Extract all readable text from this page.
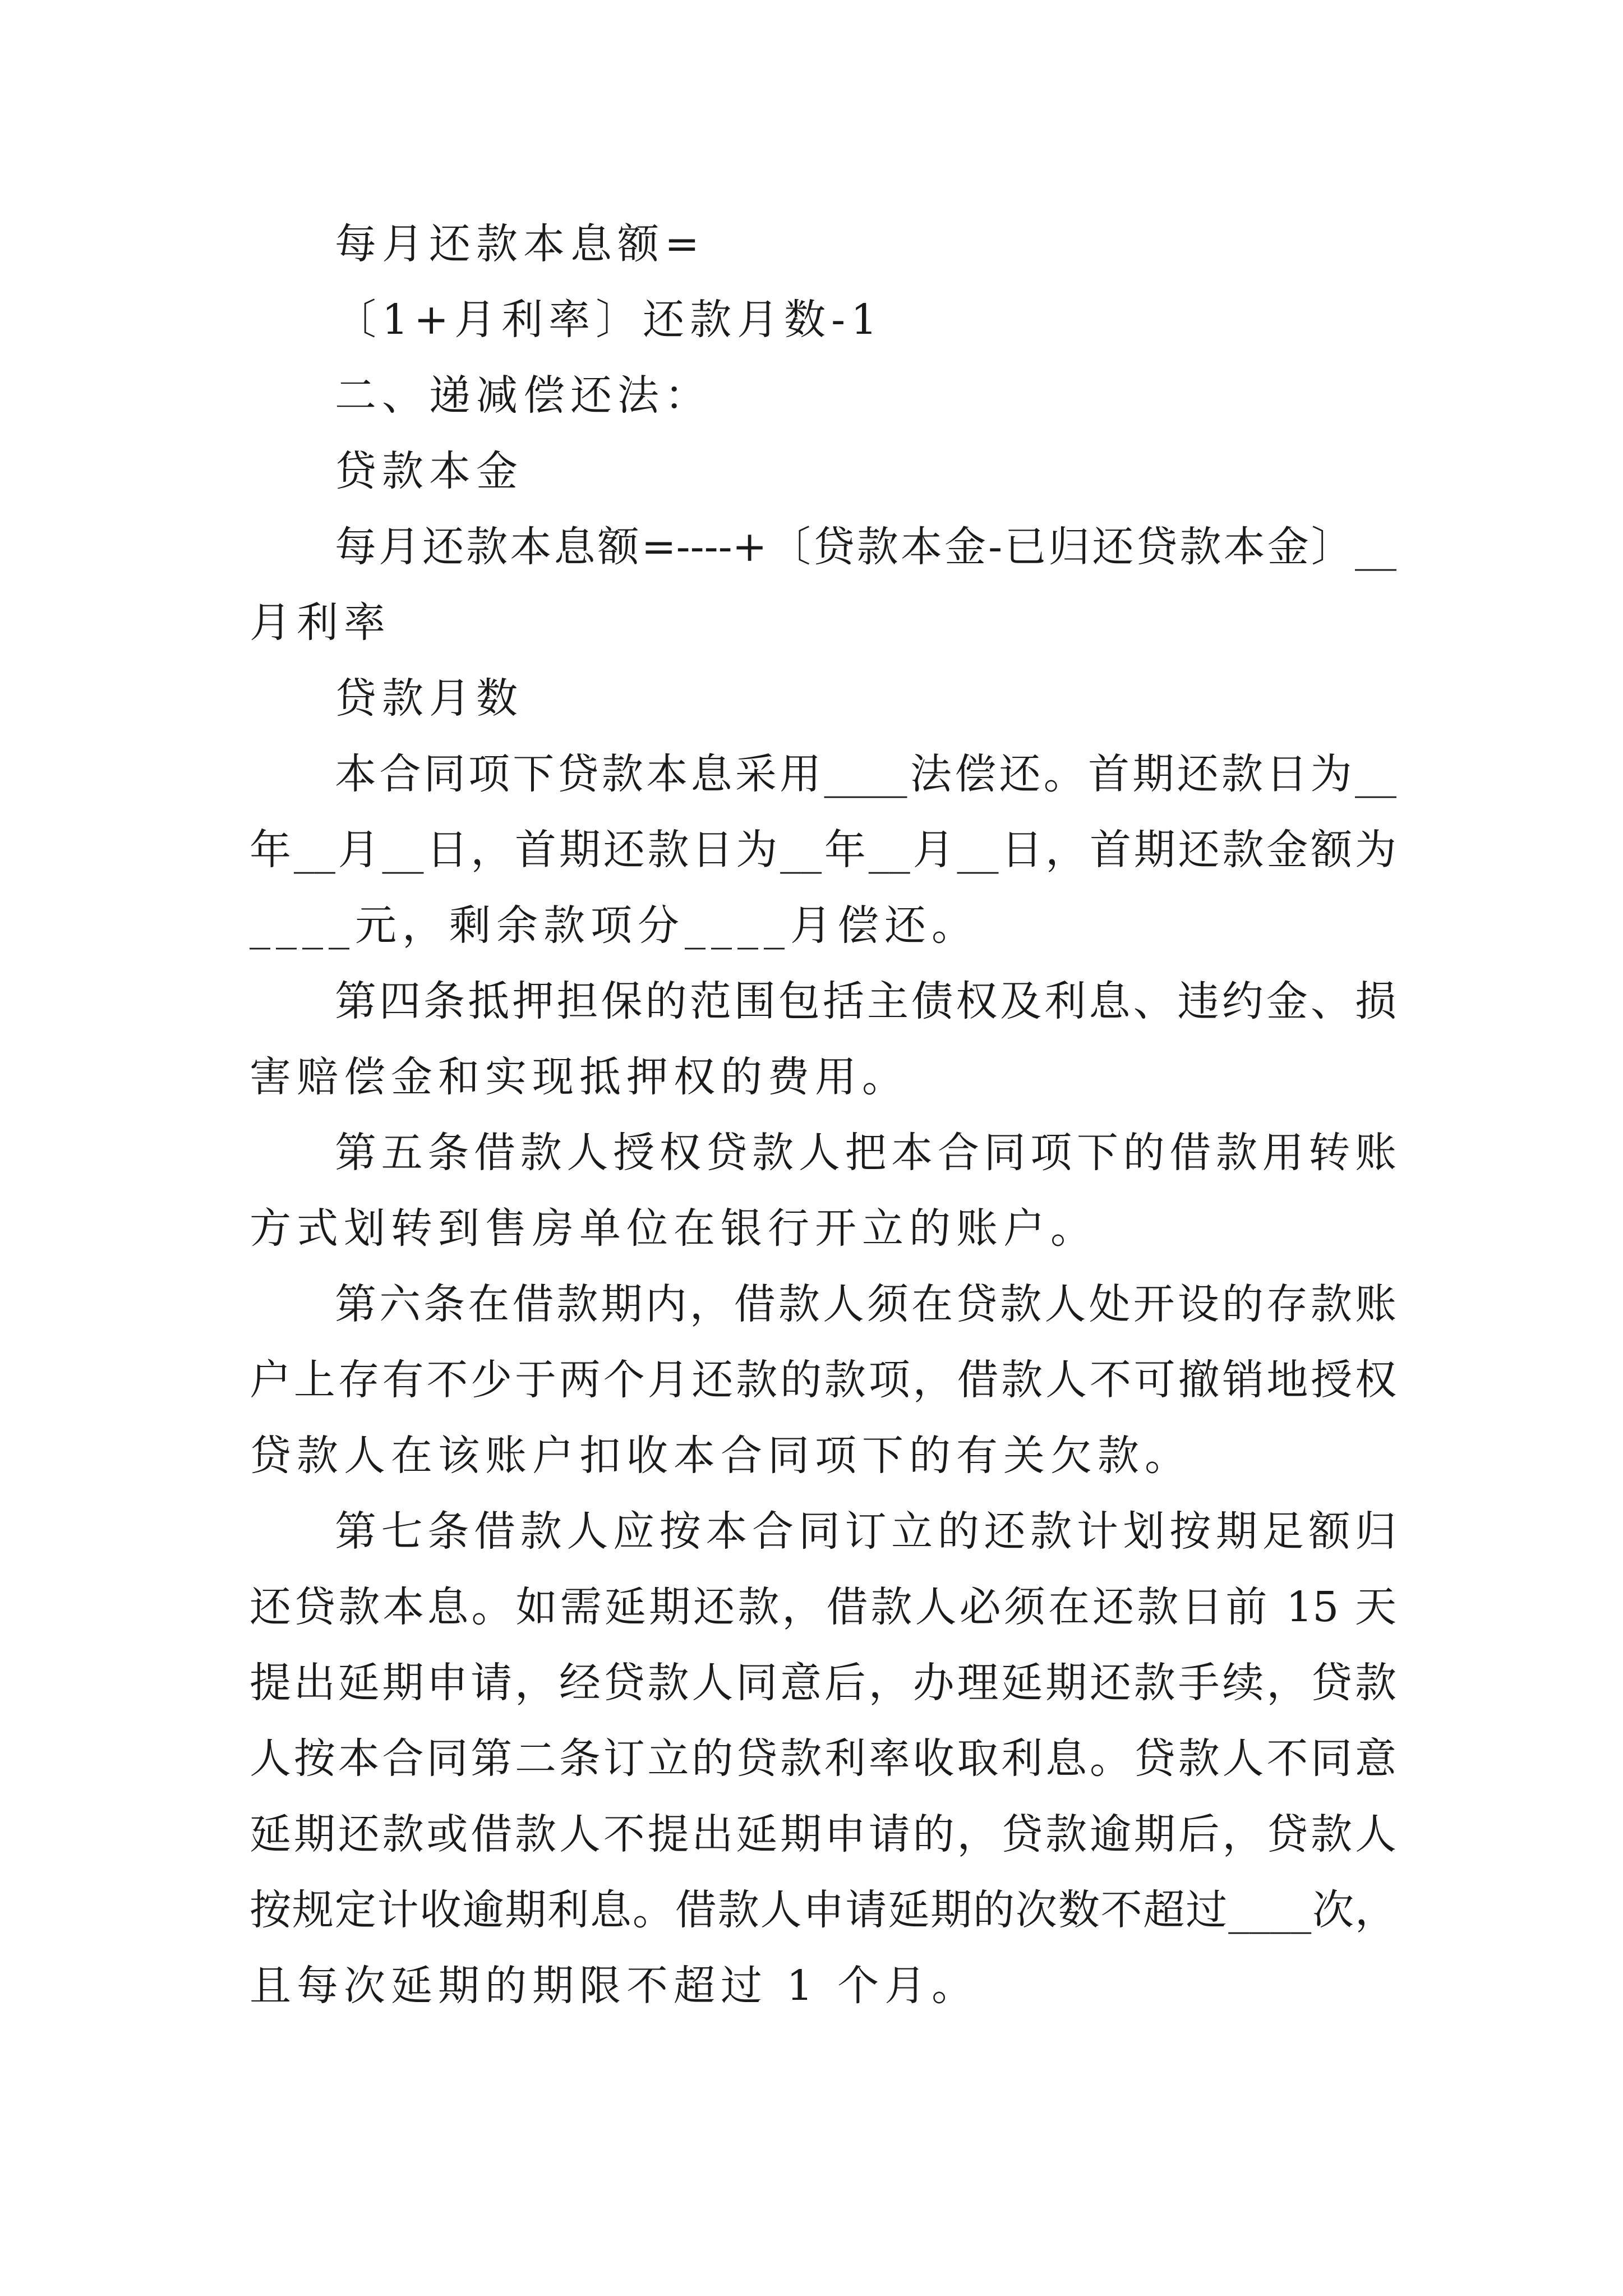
每月还款本息额=
〔1+月利率〕还款月数-1
二、递减偿还法：
贷款本金
每月还款本息额=----+〔贷款本金-已归还贷款本金〕__
月利率
贷款月数
本合同项下贷款本息采用____法偿还。首期还款日为__
年__月__日，首期还款日为__年__月__日，首期还款金额为
____元，剩余款项分____月偿还。
第四条抵押担保的范围包括主债权及利息、违约金、损
害赔偿金和实现抵押权的费用。
第五条借款人授权贷款人把本合同项下的借款用转账
方式划转到售房单位在银行开立的账户。
第六条在借款期内，借款人须在贷款人处开设的存款账
户上存有不少于两个月还款的款项，借款人不可撤销地授权
贷款人在该账户扣收本合同项下的有关欠款。
第七条借款人应按本合同订立的还款计划按期足额归
还贷款本息。如需延期还款，借款人必须在还款日前 15 天
提出延期申请，经贷款人同意后，办理延期还款手续，贷款
人按本合同第二条订立的贷款利率收取利息。贷款人不同意
延期还款或借款人不提出延期申请的，贷款逾期后，贷款人
按规定计收逾期利息。借款人申请延期的次数不超过____次，
且每次延期的期限不超过 1 个月。
